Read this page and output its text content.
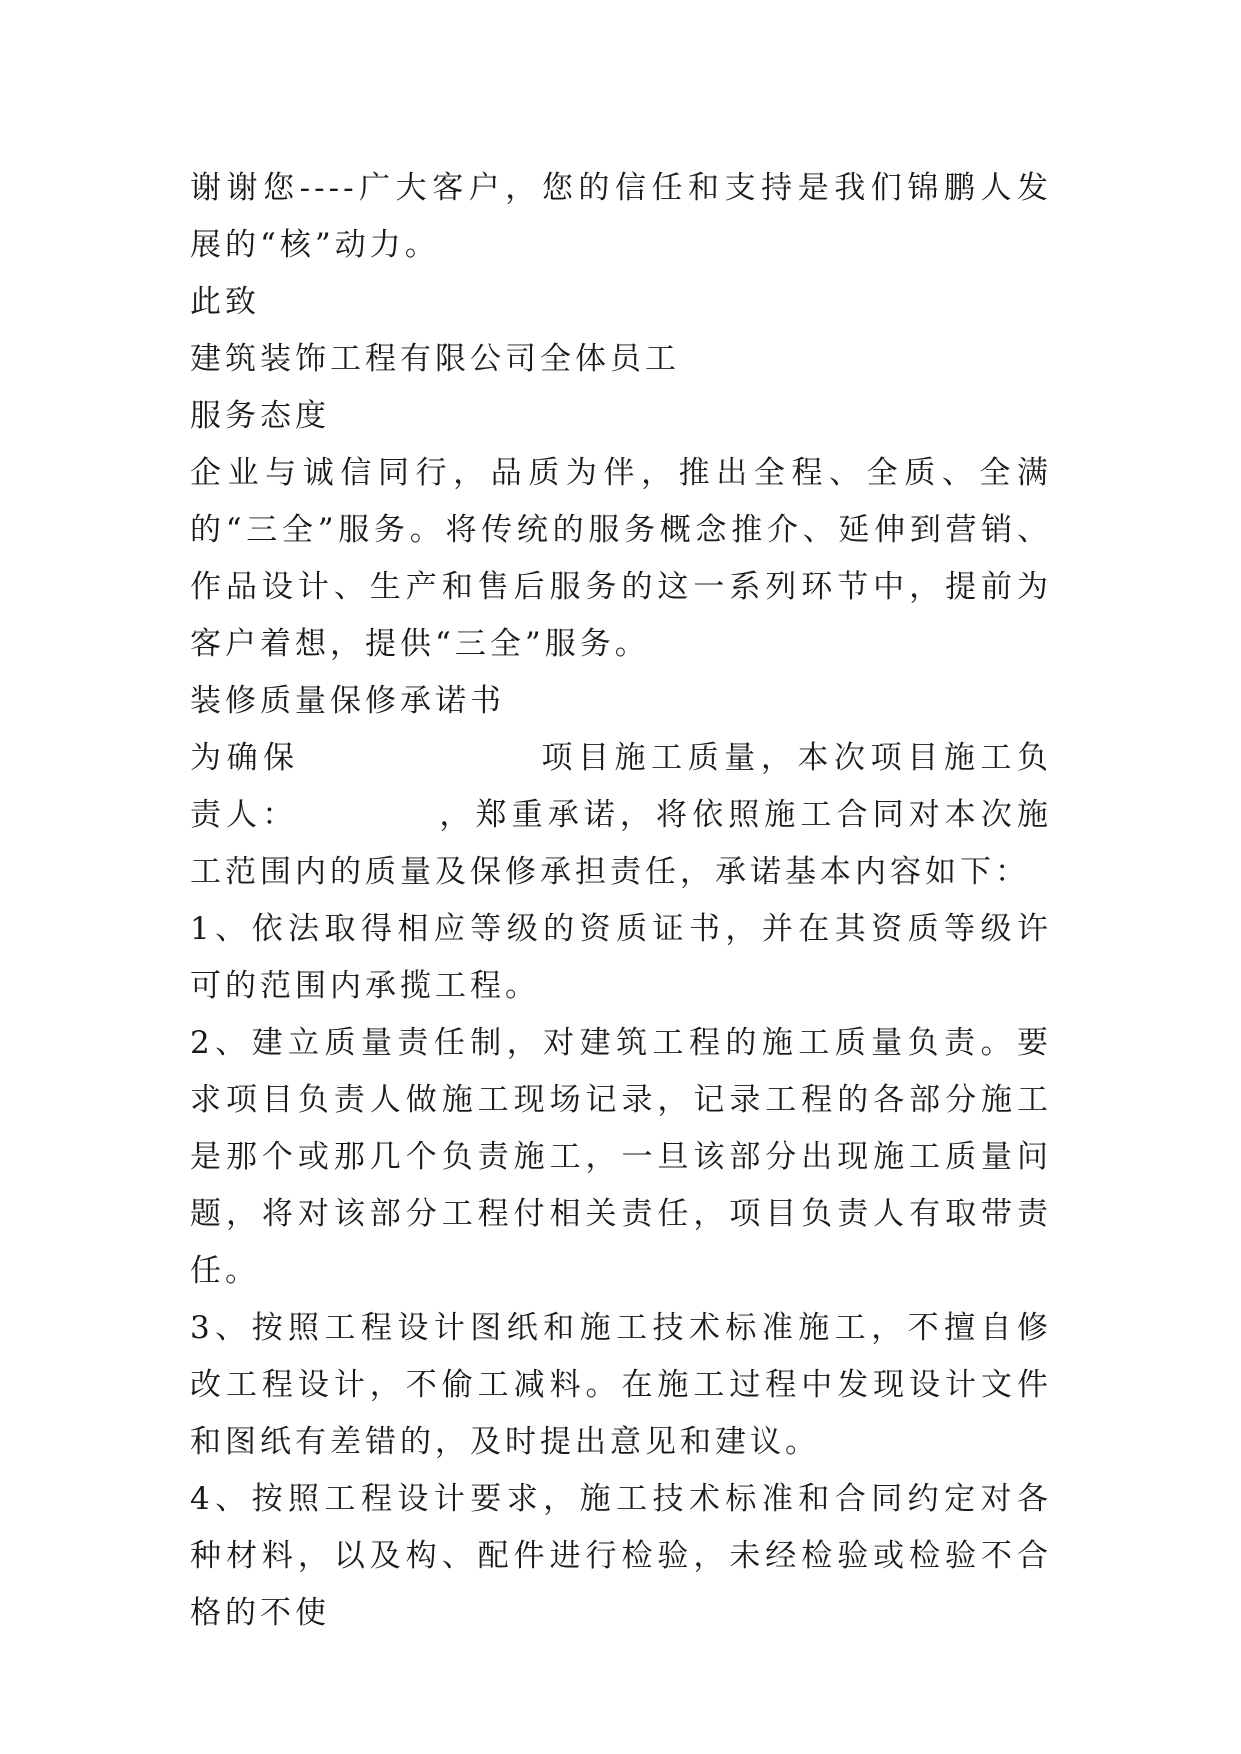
谢谢您----广大客户，您的信任和支持是我们锦鹏人发展的“核”动力。
此致
建筑装饰工程有限公司全体员工
服务态度
企业与诚信同行，品质为伴，推出全程、全质、全满的“三全”服务。将传统的服务概念推介、延伸到营销、作品设计、生产和售后服务的这一系列环节中，提前为客户着想，提供“三全”服务。
装修质量保修承诺书
为确保	项目施工质量，本次项目施工负责人：	，郑重承诺，将依照施工合同对本次施工范围内的质量及保修承担责任，承诺基本内容如下：
1、依法取得相应等级的资质证书，并在其资质等级许可的范围内承揽工程。
2、建立质量责任制，对建筑工程的施工质量负责。要求项目负责人做施工现场记录，记录工程的各部分施工是那个或那几个负责施工，一旦该部分出现施工质量问题，将对该部分工程付相关责任，项目负责人有取带责任。
3、按照工程设计图纸和施工技术标准施工，不擅自修改工程设计，不偷工减料。在施工过程中发现设计文件和图纸有差错的，及时提出意见和建议。
4、按照工程设计要求，施工技术标准和合同约定对各种材料，以及构、配件进行检验，未经检验或检验不合格的不使
